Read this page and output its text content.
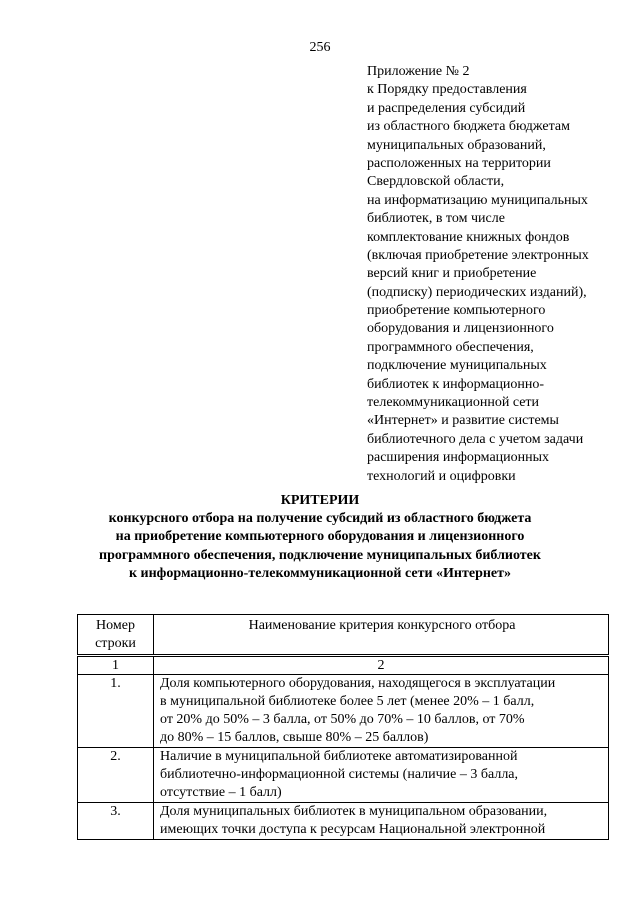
256
Приложение № 2
к Порядку предоставления
и распределения субсидий
из областного бюджета бюджетам
муниципальных образований,
расположенных на территории
Свердловской области,
на информатизацию муниципальных
библиотек, в том числе
комплектование книжных фондов
(включая приобретение электронных
версий книг и приобретение
(подписку) периодических изданий),
приобретение компьютерного
оборудования и лицензионного
программного обеспечения,
подключение муниципальных
библиотек к информационно-
телекоммуникационной сети
«Интернет» и развитие системы
библиотечного дела с учетом задачи
расширения информационных
технологий и оцифровки
КРИТЕРИИ
конкурсного отбора на получение субсидий из областного бюджета
на приобретение компьютерного оборудования и лицензионного
программного обеспечения, подключение муниципальных библиотек
к информационно-телекоммуникационной сети «Интернет»
Номер
строки	Наименование критерия конкурсного отбора

1	2
1.	Доля компьютерного оборудования, находящегося в эксплуатации
в муниципальной библиотеке более 5 лет (менее 20% – 1 балл,
от 20% до 50% – 3 балла, от 50% до 70% – 10 баллов, от 70%
до 80% – 15 баллов, свыше 80% – 25 баллов)

2.	Наличие в муниципальной библиотеке автоматизированной
библиотечно-информационной системы (наличие – 3 балла,
отсутствие – 1 балл)

3.	Доля муниципальных библиотек в муниципальном образовании,
имеющих точки доступа к ресурсам Национальной электронной
